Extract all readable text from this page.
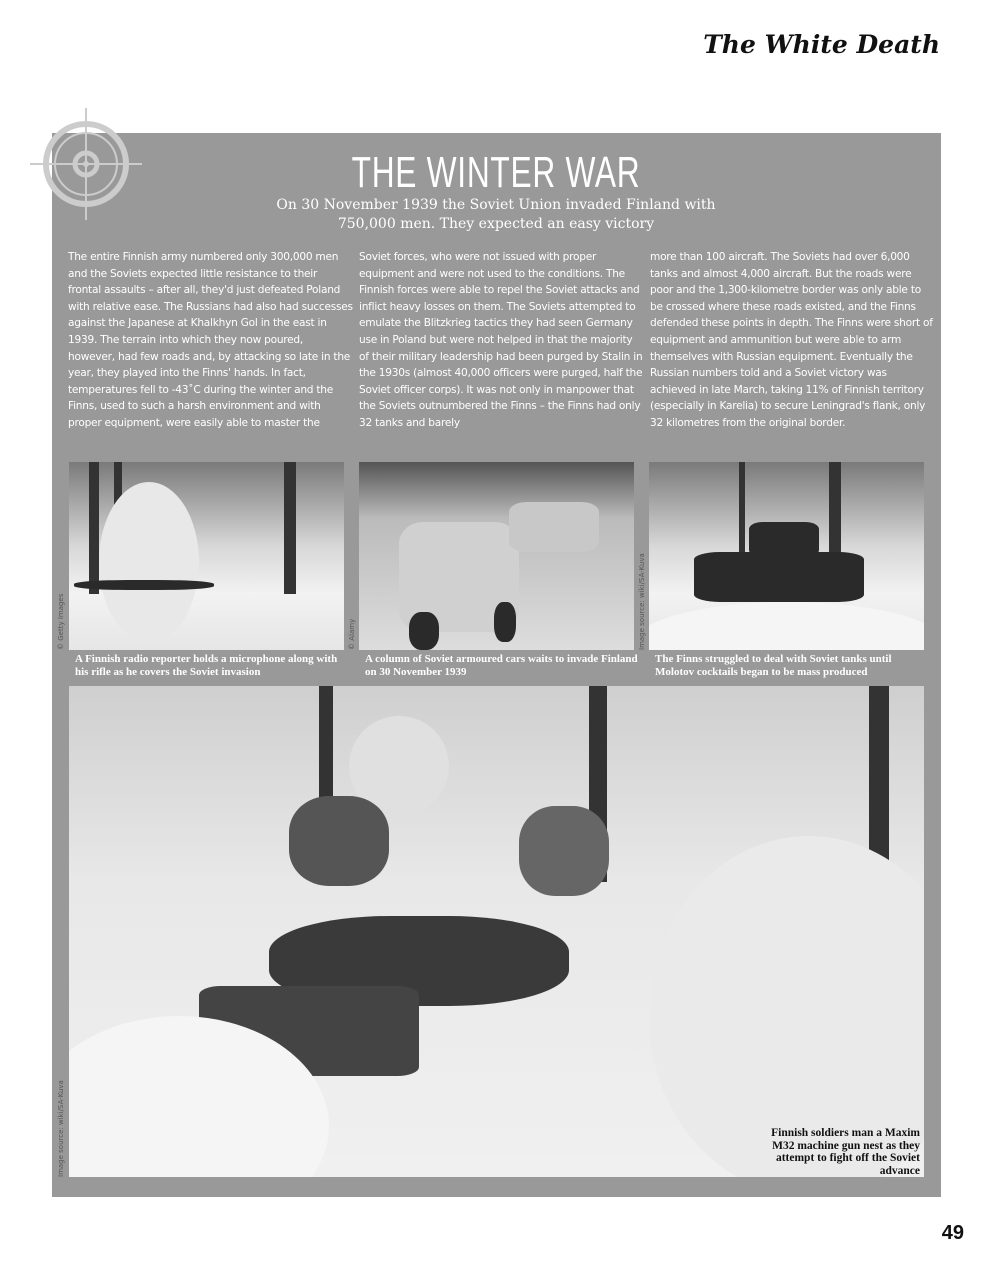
The White Death
THE WINTER WAR
On 30 November 1939 the Soviet Union invaded Finland with
750,000 men. They expected an easy victory
The entire Finnish army numbered only 300,000 men and the Soviets expected little resistance to their frontal assaults – after all, they'd just defeated Poland with relative ease. The Russians had also had successes against the Japanese at Khalkhyn Gol in the east in 1939. The terrain into which they now poured, however, had few roads and, by attacking so late in the year, they played into the Finns' hands. In fact, temperatures fell to -43˚C during the winter and the Finns, used to such a harsh environment and with proper equipment, were easily able to master the
Soviet forces, who were not issued with proper equipment and were not used to the conditions. The Finnish forces were able to repel the Soviet attacks and inflict heavy losses on them. The Soviets attempted to emulate the Blitzkrieg tactics they had seen Germany use in Poland but were not helped in that the majority of their military leadership had been purged by Stalin in the 1930s (almost 40,000 officers were purged, half the Soviet officer corps). It was not only in manpower that the Soviets outnumbered the Finns – the Finns had only 32 tanks and barely
more than 100 aircraft. The Soviets had over 6,000 tanks and almost 4,000 aircraft. But the roads were poor and the 1,300-kilometre border was only able to be crossed where these roads existed, and the Finns defended these points in depth. The Finns were short of equipment and ammunition but were able to arm themselves with Russian equipment. Eventually the Russian numbers told and a Soviet victory was achieved in late March, taking 11% of Finnish territory (especially in Karelia) to secure Leningrad's flank, only 32 kilometres from the original border.
© Getty Images	© Alamy	Image source: wiki/SA-Kuva
A Finnish radio reporter holds a microphone along with his rifle as he covers the Soviet invasion
A column of Soviet armoured cars waits to invade Finland on 30 November 1939
The Finns struggled to deal with Soviet tanks until Molotov cocktails began to be mass produced
Image source: wiki/SA-Kuva	Finnish soldiers man a Maxim M32 machine gun nest as they attempt to fight off the Soviet advance
49
